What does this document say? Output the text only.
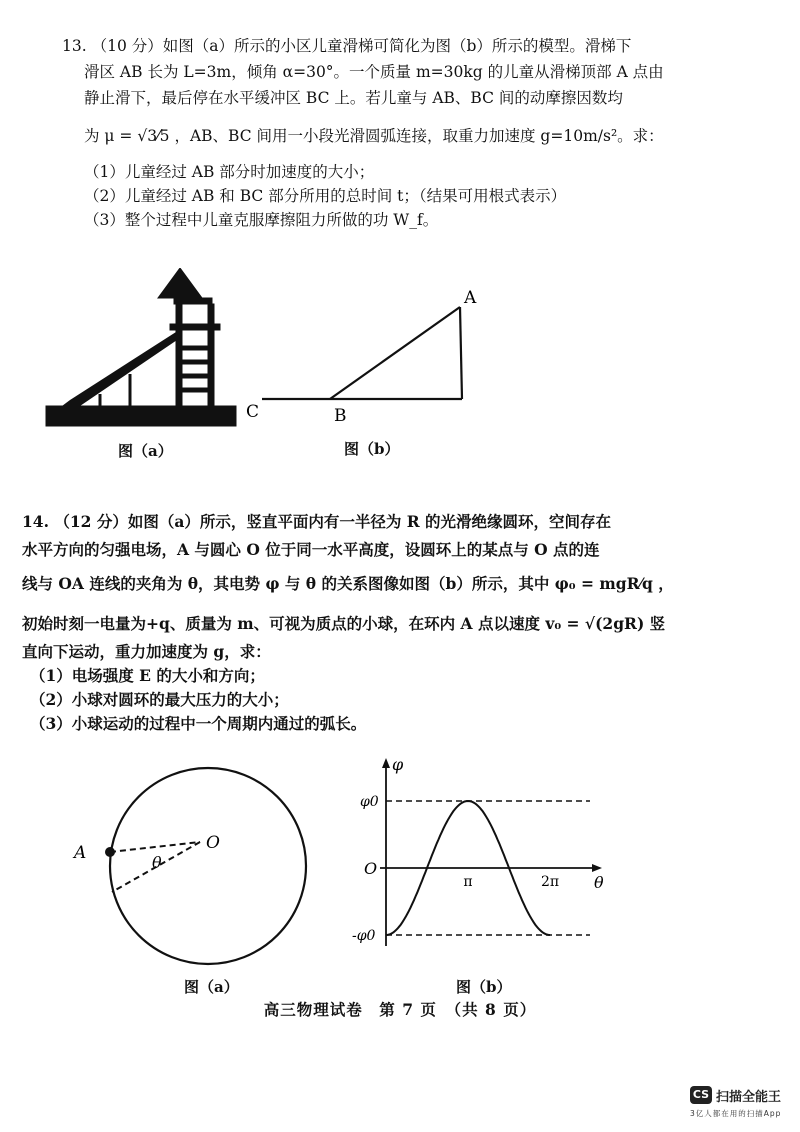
13. （10 分）如图（a）所示的小区儿童滑梯可简化为图（b）所示的模型。滑梯下
滑区 AB 长为 L=3m，倾角 α=30°。一个质量 m=30kg 的儿童从滑梯顶部 A 点由
静止滑下，最后停在水平缓冲区 BC 上。若儿童与 AB、BC 间的动摩擦因数均
为 μ = √3⁄5 ，AB、BC 间用一小段光滑圆弧连接，取重力加速度 g=10m/s²。求：
（1）儿童经过 AB 部分时加速度的大小；
（2）儿童经过 AB 和 BC 部分所用的总时间 t；（结果可用根式表示）
（3）整个过程中儿童克服摩擦阻力所做的功 W_f。
图（a）
A
B
C
图（b）
14. （12 分）如图（a）所示，竖直平面内有一半径为 R 的光滑绝缘圆环，空间存在
水平方向的匀强电场，A 与圆心 O 位于同一水平高度，设圆环上的某点与 O 点的连
线与 OA 连线的夹角为 θ，其电势 φ 与 θ 的关系图像如图（b）所示，其中 φ₀ = mgR⁄q ，
初始时刻一电量为+q、质量为 m、可视为质点的小球，在环内 A 点以速度 v₀ = √(2gR) 竖
直向下运动，重力加速度为 g，求：
（1）电场强度 E 的大小和方向；
（2）小球对圆环的最大压力的大小；
（3）小球运动的过程中一个周期内通过的弧长。
A	O
θ
图（a）
φ
θ
O
π	2π
φ0
-φ0
图（b）
高三物理试卷　第 7 页　（共 8 页）
CS 扫描全能王
3亿人都在用的扫描App
